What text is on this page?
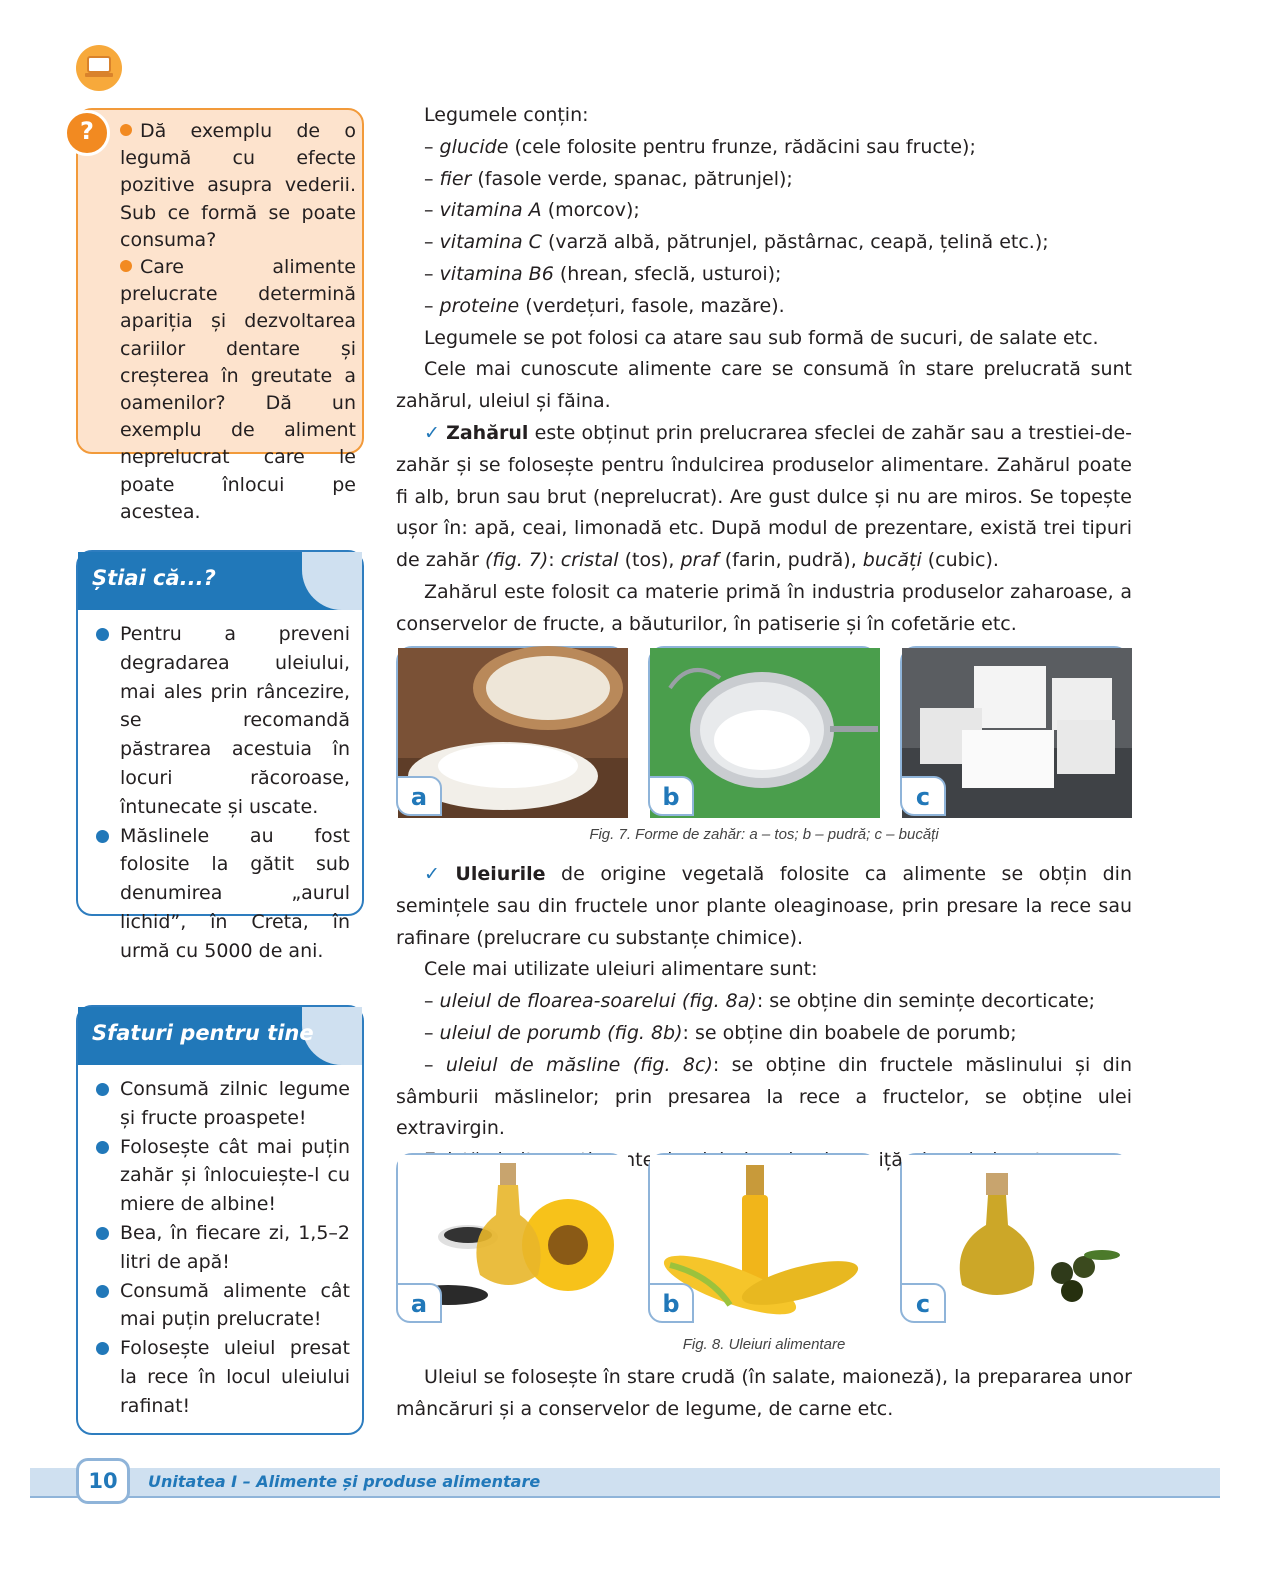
?	Dă exemplu de o legumă cu efecte pozitive asupra vederii. Sub ce formă se poate consuma?

Care alimente prelucrate determină apariția și dezvoltarea cariilor dentare și creșterea în greutate a oamenilor? Dă un exemplu de aliment neprelucrat care le poate înlocui pe acestea.

Știai că...?
Pentru a preveni degradarea uleiului, mai ales prin râncezire, se recomandă păstrarea acestuia în locuri răcoroase, întunecate și uscate.
Măslinele au fost folosite la gătit sub denumirea „aurul lichid”, în Creta, în urmă cu 5000 de ani.
Sfaturi pentru tine
Consumă zilnic legume și fructe proaspete!
Folosește cât mai puțin zahăr și înlocuiește-l cu miere de albine!
Bea, în fiecare zi, 1,5–2 litri de apă!
Consumă alimente cât mai puțin prelucrate!
Folosește uleiul presat la rece în locul uleiului rafinat!

Legumele conțin:

– glucide (cele folosite pentru frunze, rădăcini sau fructe);

– fier (fasole verde, spanac, pătrunjel);

– vitamina A (morcov);

– vitamina C (varză albă, pătrunjel, păstârnac, ceapă, țelină etc.);

– vitamina B6 (hrean, sfeclă, usturoi);

– proteine (verdețuri, fasole, mazăre).

Legumele se pot folosi ca atare sau sub formă de sucuri, de salate etc.

Cele mai cunoscute alimente care se consumă în stare prelucrată sunt zahărul, uleiul și făina.

✓ Zahărul este obținut prin prelucrarea sfeclei de zahăr sau a trestiei-de-zahăr și se folosește pentru îndulcirea produselor alimentare. Zahărul poate fi alb, brun sau brut (neprelucrat). Are gust dulce și nu are miros. Se topește ușor în: apă, ceai, limonadă etc. După modul de prezentare, există trei tipuri de zahăr (fig. 7): cristal (tos), praf (farin, pudră), bucăți (cubic).

Zahărul este folosit ca materie primă în industria produselor zaharoase, a conservelor de fructe, a băuturilor, în patiserie și în cofetărie etc.

a	b	c
Fig. 7. Forme de zahăr: a – tos; b – pudră; c – bucăți

✓ Uleiurile de origine vegetală folosite ca alimente se obțin din semințele sau din fructele unor plante oleaginoase, prin presare la rece sau rafinare (prelucrare cu substanțe chimice).

Cele mai utilizate uleiuri alimentare sunt:

– uleiul de floarea-soarelui (fig. 8a): se obține din semințe decorticate;

– uleiul de porumb (fig. 8b): se obține din boabele de porumb;

– uleiul de măsline (fig. 8c): se obține din fructele măslinului și din sâmburii măslinelor; prin presarea la rece a fructelor, se obține ulei extravirgin.

a	b	c
Fig. 8. Uleiuri alimentare

Uleiul se folosește în stare crudă (în salate, maioneză), la prepararea unor mâncăruri și a conservelor de legume, de carne etc.

10	Unitatea I – Alimente și produse alimentare
